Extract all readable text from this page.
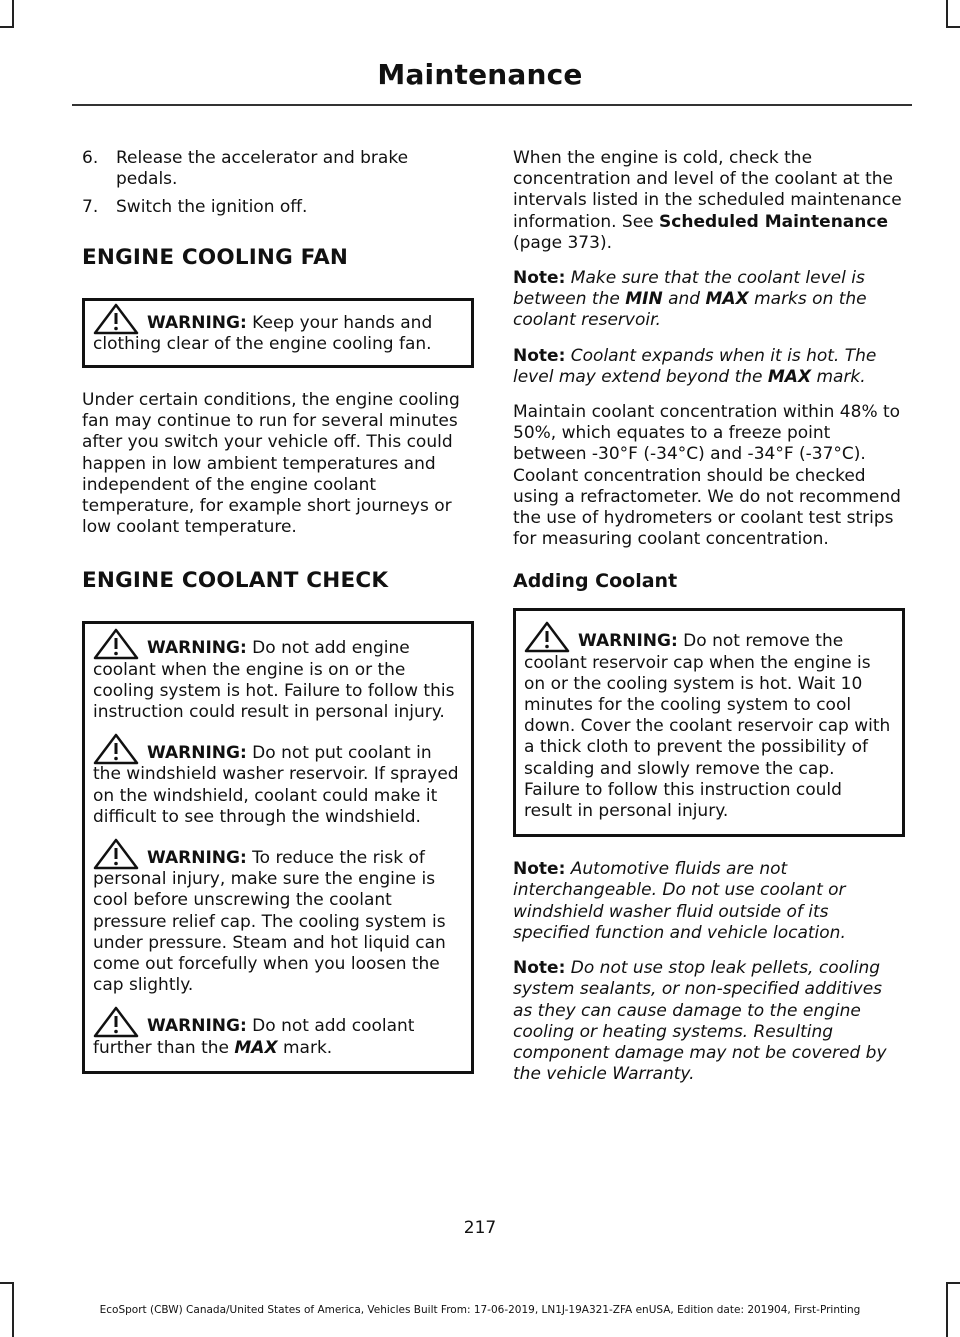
Maintenance
6.	Release the accelerator and brake pedals.
7.	Switch the ignition off.
ENGINE COOLING FAN

WARNING: Keep your hands and clothing clear of the engine cooling fan.

Under certain conditions, the engine cooling fan may continue to run for several minutes after you switch your vehicle off. This could happen in low ambient temperatures and independent of the engine coolant temperature, for example short journeys or low coolant temperature.

ENGINE COOLANT CHECK

WARNING: Do not add engine coolant when the engine is on or the cooling system is hot. Failure to follow this instruction could result in personal injury.

WARNING: Do not put coolant in the windshield washer reservoir. If sprayed on the windshield, coolant could make it difficult to see through the windshield.

WARNING: To reduce the risk of personal injury, make sure the engine is cool before unscrewing the coolant pressure relief cap. The cooling system is under pressure. Steam and hot liquid can come out forcefully when you loosen the cap slightly.

WARNING: Do not add coolant further than the MAX mark.

When the engine is cold, check the concentration and level of the coolant at the intervals listed in the scheduled maintenance information. See Scheduled Maintenance (page 373).

Note: Make sure that the coolant level is between the MIN and MAX marks on the coolant reservoir.

Note: Coolant expands when it is hot. The level may extend beyond the MAX mark.

Maintain coolant concentration within 48% to 50%, which equates to a freeze point between -30°F (-34°C) and -34°F (-37°C). Coolant concentration should be checked using a refractometer. We do not recommend the use of hydrometers or coolant test strips for measuring coolant concentration.

Adding Coolant

WARNING: Do not remove the coolant reservoir cap when the engine is on or the cooling system is hot. Wait 10 minutes for the cooling system to cool down. Cover the coolant reservoir cap with a thick cloth to prevent the possibility of scalding and slowly remove the cap. Failure to follow this instruction could result in personal injury.

Note: Automotive fluids are not interchangeable. Do not use coolant or windshield washer fluid outside of its specified function and vehicle location.

Note: Do not use stop leak pellets, cooling system sealants, or non-specified additives as they can cause damage to the engine cooling or heating systems. Resulting component damage may not be covered by the vehicle Warranty.

217
EcoSport (CBW) Canada/United States of America, Vehicles Built From: 17-06-2019, LN1J-19A321-ZFA enUSA, Edition date: 201904, First-Printing
